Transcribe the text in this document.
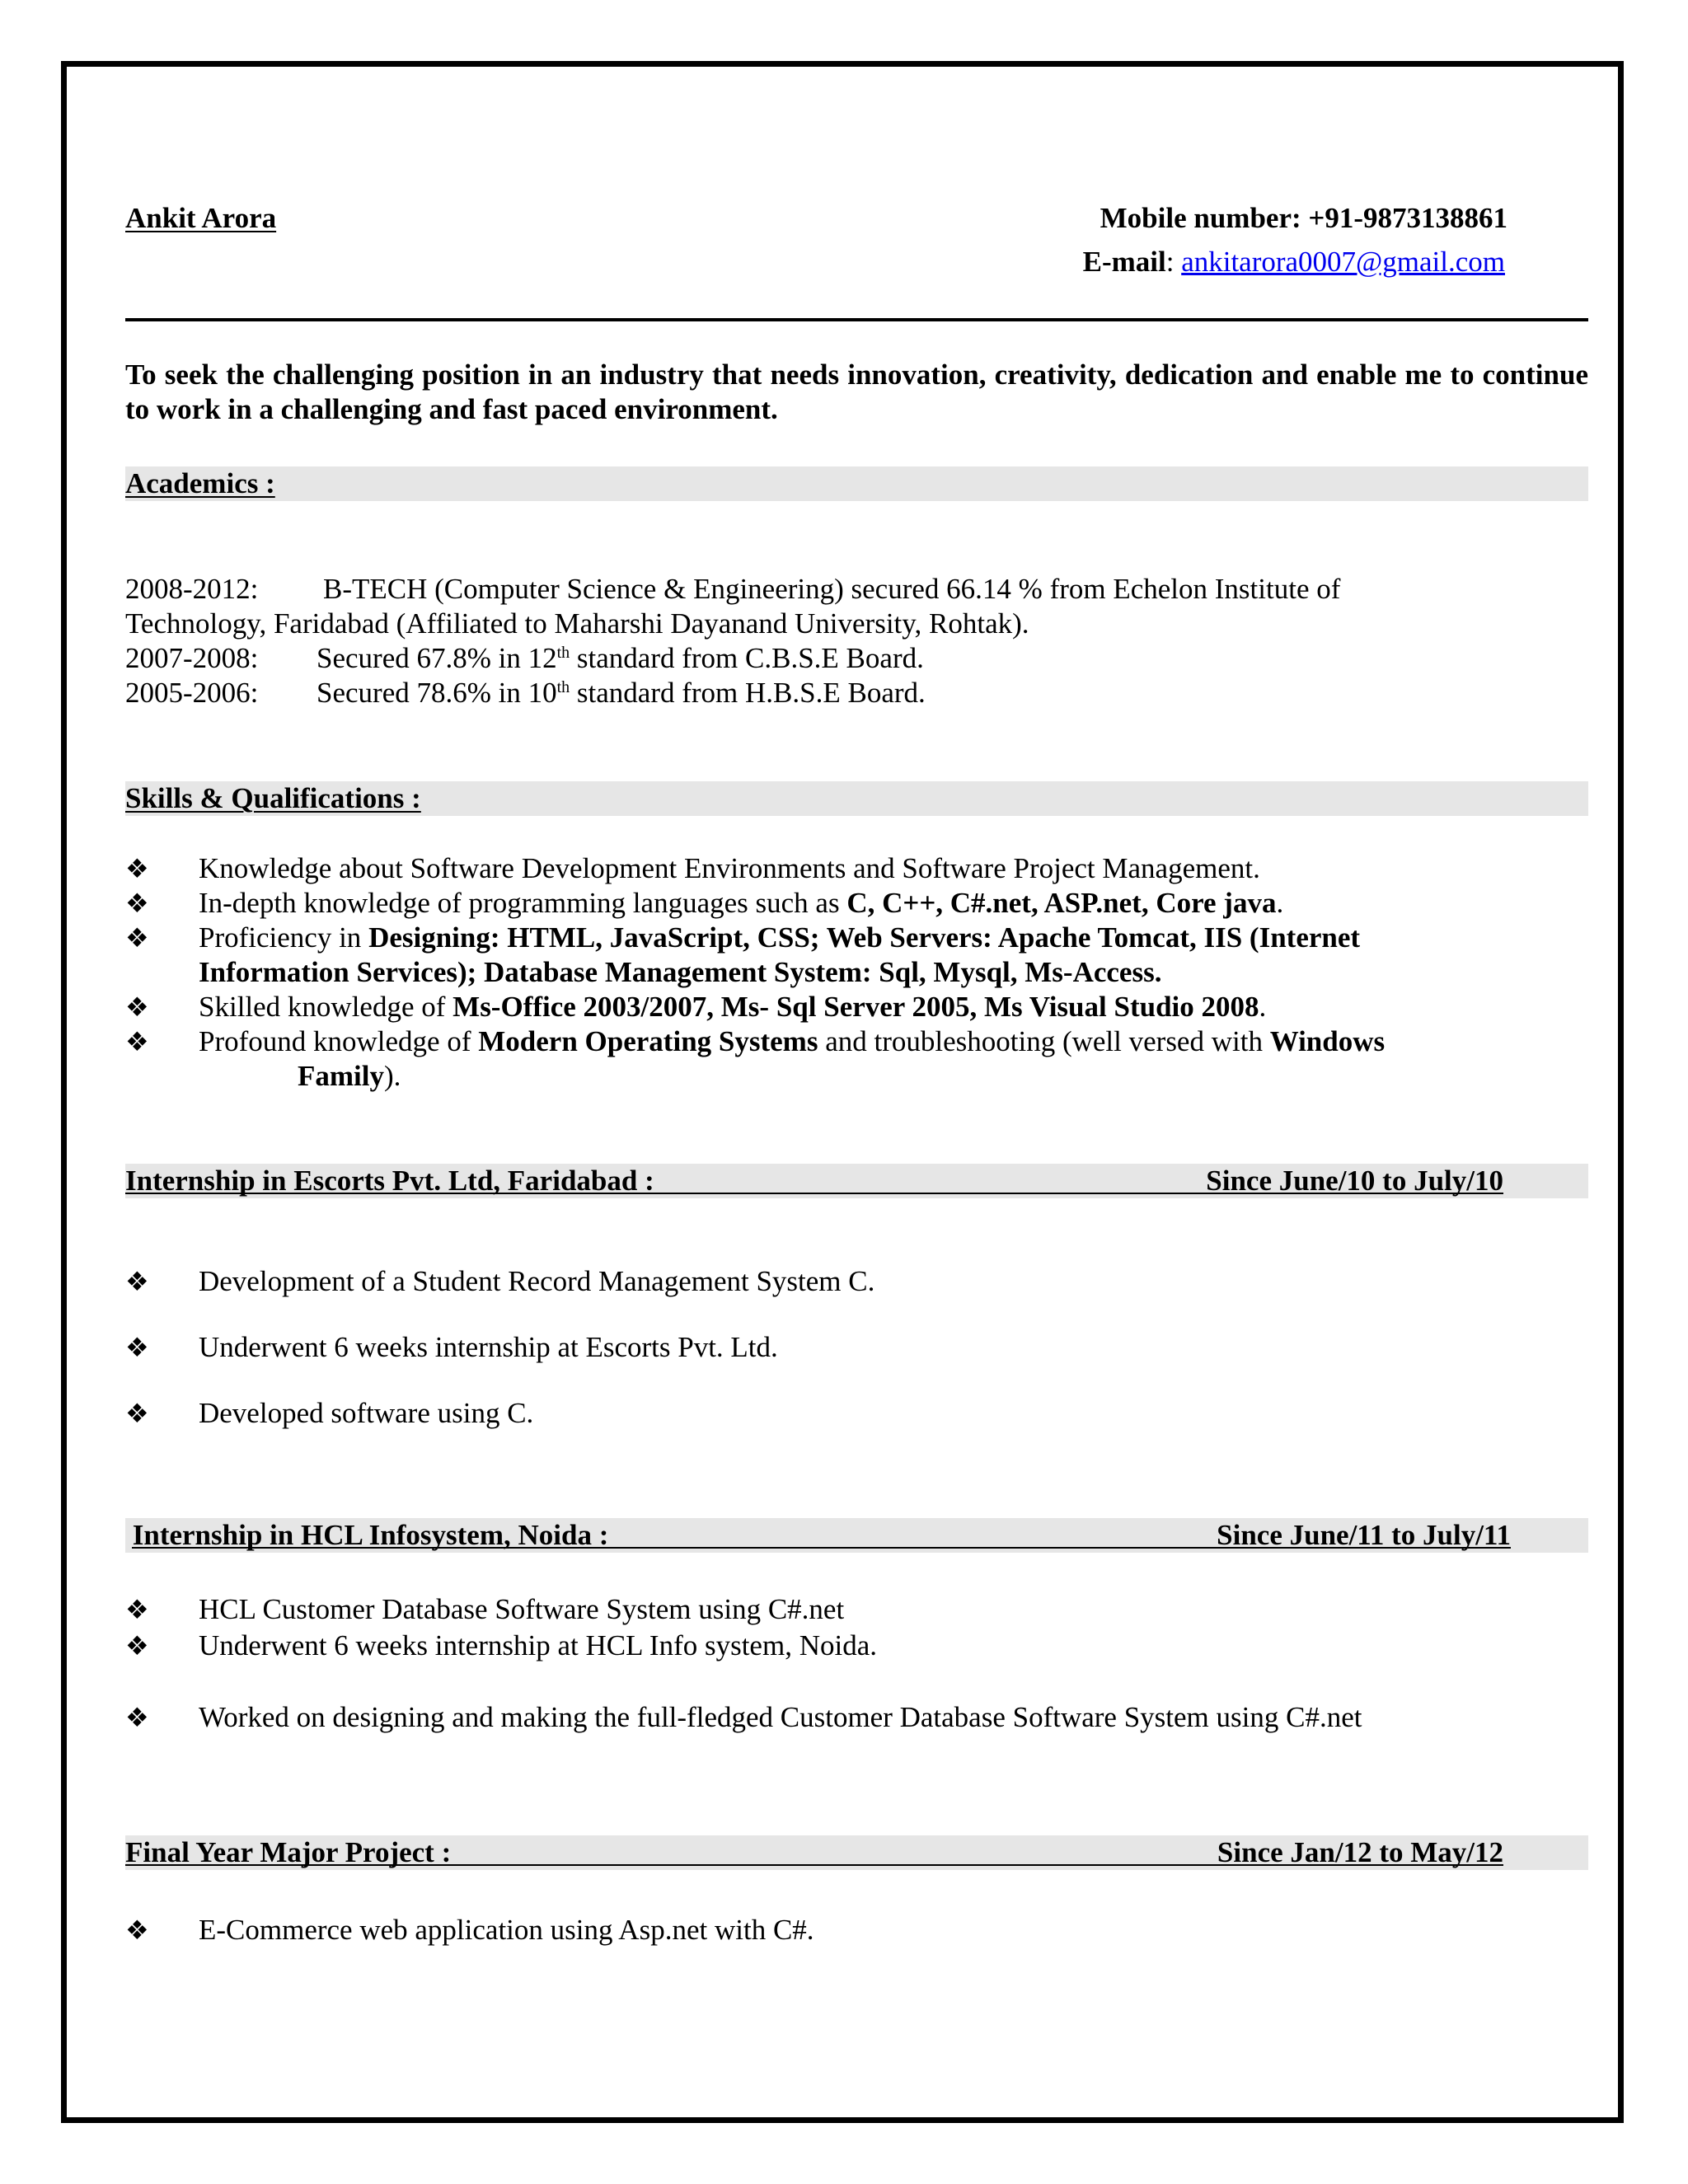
Ankit Arora	Mobile number: +91-9873138861
E-mail: ankitarora0007@gmail.com
To seek the challenging position in an industry that needs innovation, creativity, dedication and enable me to continue to work in a challenging and fast paced environment.
Academics :
2008-2012: B-TECH (Computer Science & Engineering) secured 66.14 % from Echelon Institute of
Technology, Faridabad (Affiliated to Maharshi Dayanand University, Rohtak).
2007-2008: Secured 67.8% in 12th standard from C.B.S.E Board.
2005-2006: Secured 78.6% in 10th standard from H.B.S.E Board.
Skills & Qualifications :
❖ Knowledge about Software Development Environments and Software Project Management.
❖ In-depth knowledge of programming languages such as C, C++, C#.net, ASP.net, Core java.
❖ Proficiency in Designing: HTML, JavaScript, CSS; Web Servers: Apache Tomcat, IIS (Internet
Information Services); Database Management System: Sql, Mysql, Ms-Access.
❖ Skilled knowledge of Ms-Office 2003/2007, Ms- Sql Server 2005, Ms Visual Studio 2008.
❖ Profound knowledge of Modern Operating Systems and troubleshooting (well versed with Windows
Family).
Internship in Escorts Pvt. Ltd, Faridabad :	Since June/10 to July/10
❖ Development of a Student Record Management System C.
❖ Underwent 6 weeks internship at Escorts Pvt. Ltd.
❖ Developed software using C.
Internship in HCL Infosystem, Noida :	Since June/11 to July/11
❖ HCL Customer Database Software System using C#.net
❖ Underwent 6 weeks internship at HCL Info system, Noida.
❖ Worked on designing and making the full-fledged Customer Database Software System using C#.net
Final Year Major Project :	Since Jan/12 to May/12
❖ E-Commerce web application using Asp.net with C#.
